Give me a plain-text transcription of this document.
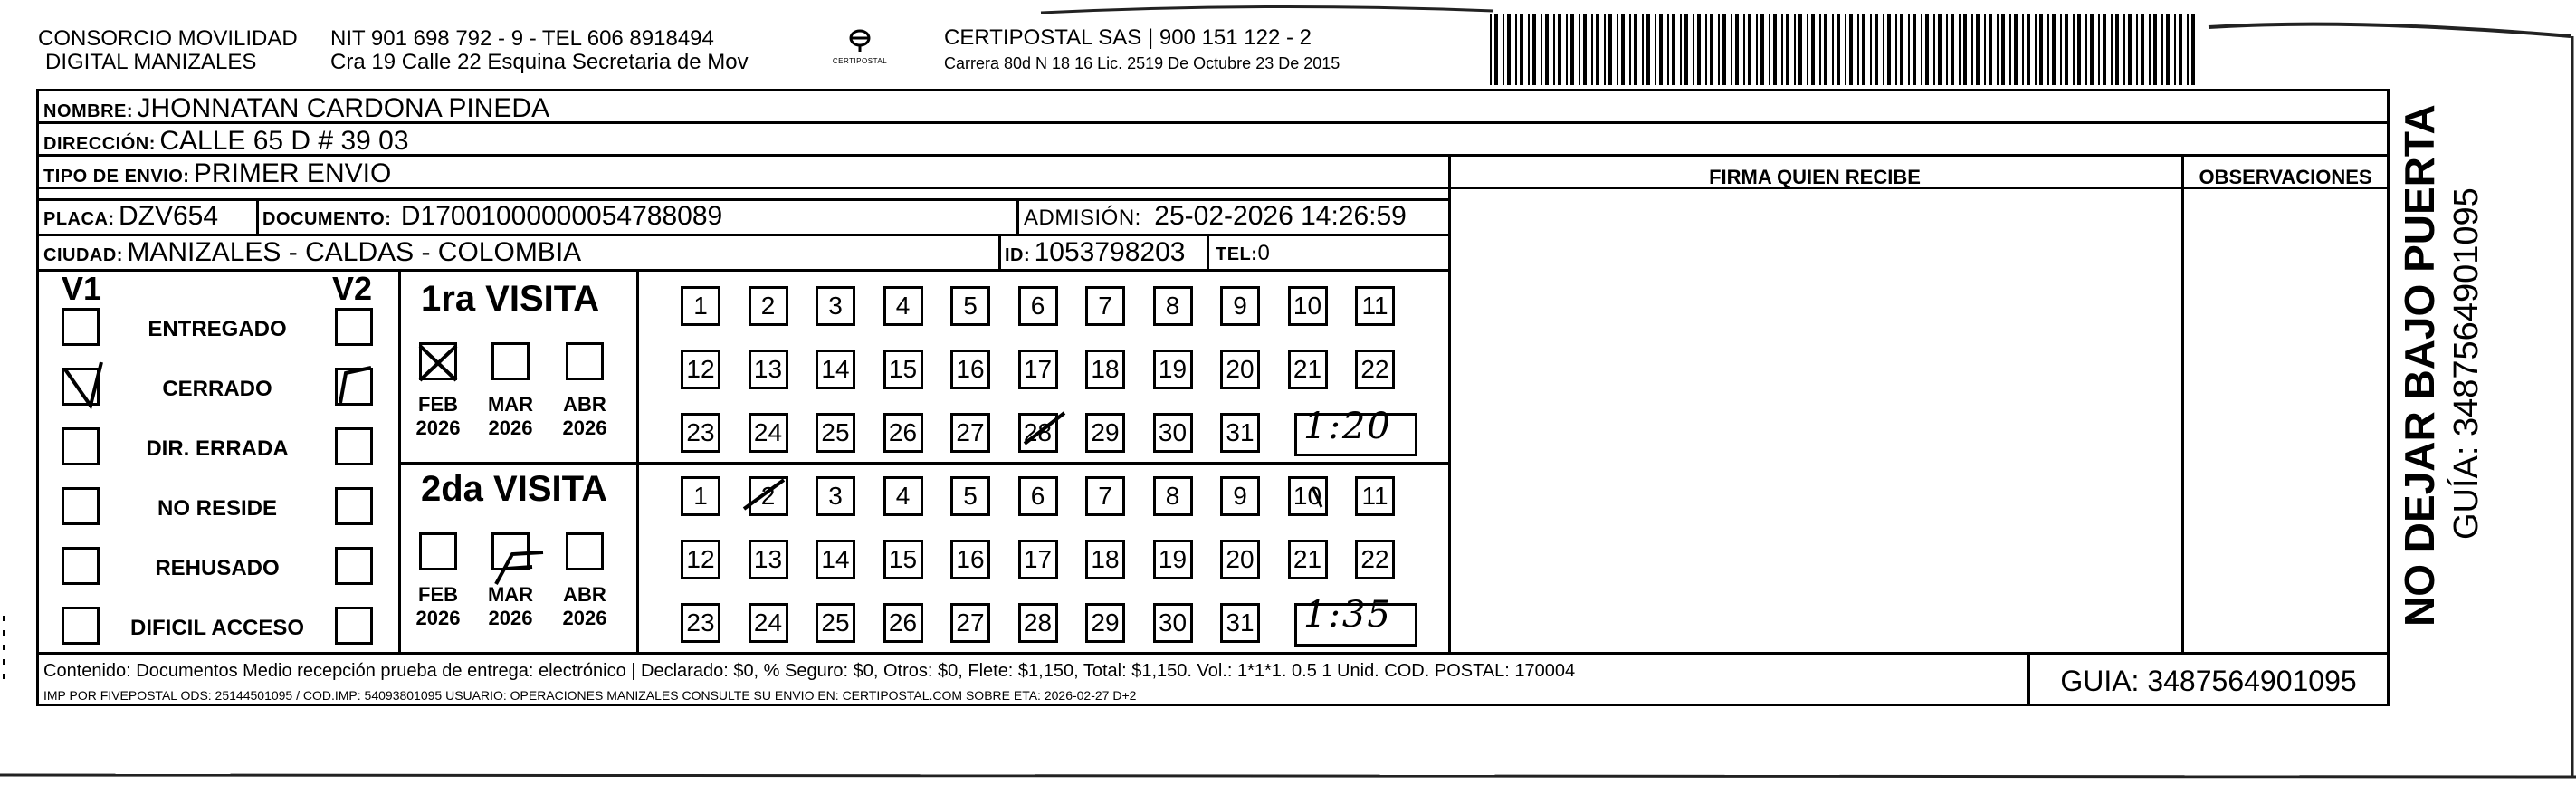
CONSORCIO MOVILIDAD
DIGITAL MANIZALES
NIT 901 698 792 - 9 - TEL 606 8918494
Cra 19 Calle 22 Esquina Secretaria de Mov	CERTIPOSTAL
CERTIPOSTAL SAS | 900 151 122 - 2
Carrera 80d N 18 16 Lic. 2519 De Octubre 23 De 2015
NOMBRE: JHONNATAN CARDONA PINEDA
DIRECCIÓN: CALLE 65 D # 39 03
TIPO DE ENVIO: PRIMER ENVIO	FIRMA QUIEN RECIBE	OBSERVACIONES
PLACA: DZV654 DOCUMENTO: D17001000000054788089	ADMISIÓN: 25-02-2026 14:26:59
CIUDAD: MANIZALES - CALDAS - COLOMBIA	ID: 1053798203 TEL:0
V1	V2
ENTREGADO
CERRADO
DIR. ERRADA
NO RESIDE
REHUSADO
DIFICIL ACCESO
1ra VISITA
2da VISITA
FEB
2026
MAR
2026
ABR
2026
FEB
2026
MAR
2026
ABR
2026
1	2	3	4	5	6	7	8	9	10 11
12 13 14 15 16 17 18 19 20 21 22
23 24 25 26 27 28 29 30 31
1	2	3	4	5	6	7	8	9	10 11
12 13 14 15 16 17 18 19 20 21 22
23 24 25 26 27 28 29 30 31
1:20
1:35
Contenido: Documentos Medio recepción prueba de entrega: electrónico | Declarado: $0, % Seguro: $0, Otros: $0, Flete: $1,150, Total: $1,150. Vol.: 1*1*1. 0.5 1 Unid. COD. POSTAL: 170004
IMP POR FIVEPOSTAL ODS: 25144501095 / COD.IMP: 54093801095 USUARIO: OPERACIONES MANIZALES CONSULTE SU ENVIO EN: CERTIPOSTAL.COM SOBRE ETA: 2026-02-27 D+2	GUIA: 3487564901095
NO DEJAR BAJO PUERTA GUÍA: 3487564901095
